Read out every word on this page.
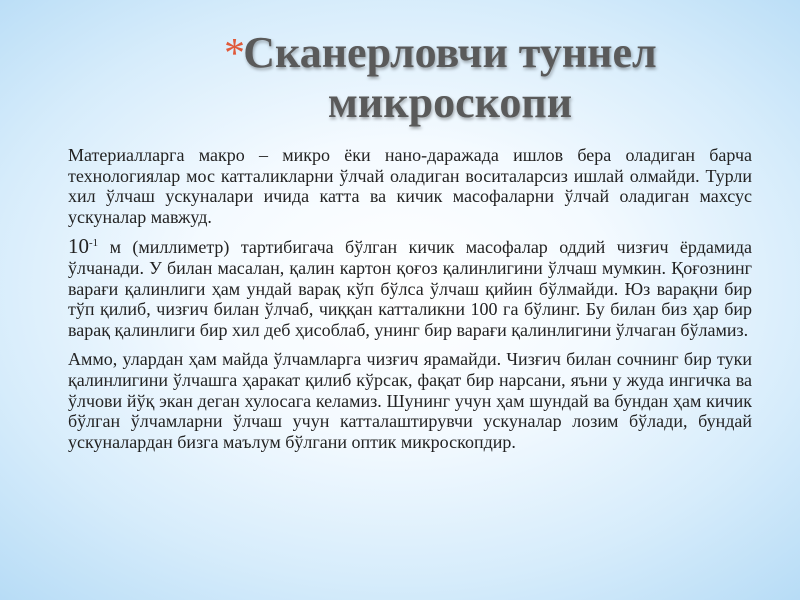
*
Сканерловчи туннел
микроскопи

Материалларга макро – микро ёки нано-даражада ишлов бера оладиган барча технологиялар мос катталикларни ўлчай оладиган воситаларсиз ишлай олмайди. Турли хил ўлчаш ускуналари ичида катта ва кичик масофаларни ўлчай оладиган махсус ускуналар мавжуд.

$10^{-1}$ м (миллиметр) тартибигача бўлган кичик масофалар оддий чизғич ёрдамида ўлчанади. У билан масалан, қалин картон қоғоз қалинлигини ўлчаш мумкин. Қоғознинг варағи қалинлиги ҳам ундай варақ кўп бўлса ўлчаш қийин бўлмайди. Юз варақни бир тўп қилиб, чизғич билан ўлчаб, чиққан катталикни 100 га бўлинг. Бу билан биз ҳар бир варақ қалинлиги бир хил деб ҳисоблаб, унинг бир варағи қалинлигини ўлчаган бўламиз.

Аммо, улардан ҳам майда ўлчамларга чизғич ярамайди. Чизғич билан сочнинг бир туки қалинлигини ўлчашга ҳаракат қилиб кўрсак, фақат бир нарсани, яъни у жуда ингичка ва ўлчови йўқ экан деган хулосага келамиз. Шунинг учун ҳам шундай ва бундан ҳам кичик бўлган ўлчамларни ўлчаш учун катталаштирувчи ускуналар лозим бўлади, бундай ускуналардан бизга маълум бўлгани оптик микроскопдир.
